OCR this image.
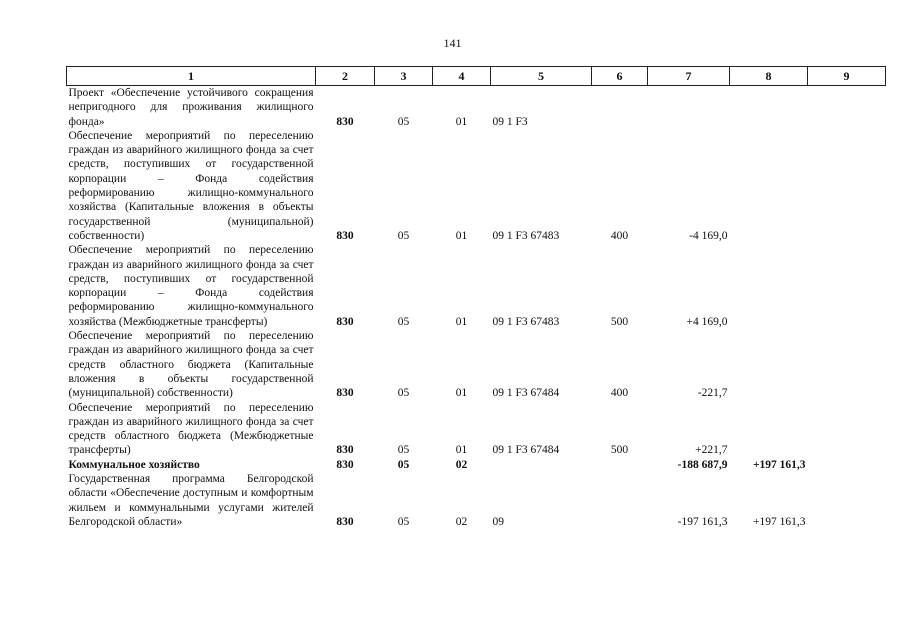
141
1	2	3	4	5	6	7	8	9
Проект «Обеспечение устойчивого сокращения непригодного для проживания жилищного фонда»	830	05	01	09 1 F3				
Обеспечение мероприятий по переселению граждан из аварийного жилищного фонда за счет средств, поступивших от государственной корпорации – Фонда содействия реформированию жилищно-коммунального хозяйства (Капитальные вложения в объекты государственной (муниципальной) собственности)	830	05	01	09 1 F3 67483	400	-4 169,0		
Обеспечение мероприятий по переселению граждан из аварийного жилищного фонда за счет средств, поступивших от государственной корпорации – Фонда содействия реформированию жилищно-коммунального хозяйства (Межбюджетные трансферты)	830	05	01	09 1 F3 67483	500	+4 169,0		
Обеспечение мероприятий по переселению граждан из аварийного жилищного фонда за счет средств областного бюджета (Капитальные вложения в объекты государственной (муниципальной) собственности)	830	05	01	09 1 F3 67484	400	-221,7		
Обеспечение мероприятий по переселению граждан из аварийного жилищного фонда за счет средств областного бюджета (Межбюджетные трансферты)	830	05	01	09 1 F3 67484	500	+221,7		
Коммунальное хозяйство	830	05	02			-188 687,9	+197 161,3	
Государственная программа Белгородской области «Обеспечение доступным и комфортным жильем и коммунальными услугами жителей Белгородской области»	830	05	02	09		-197 161,3	+197 161,3	
